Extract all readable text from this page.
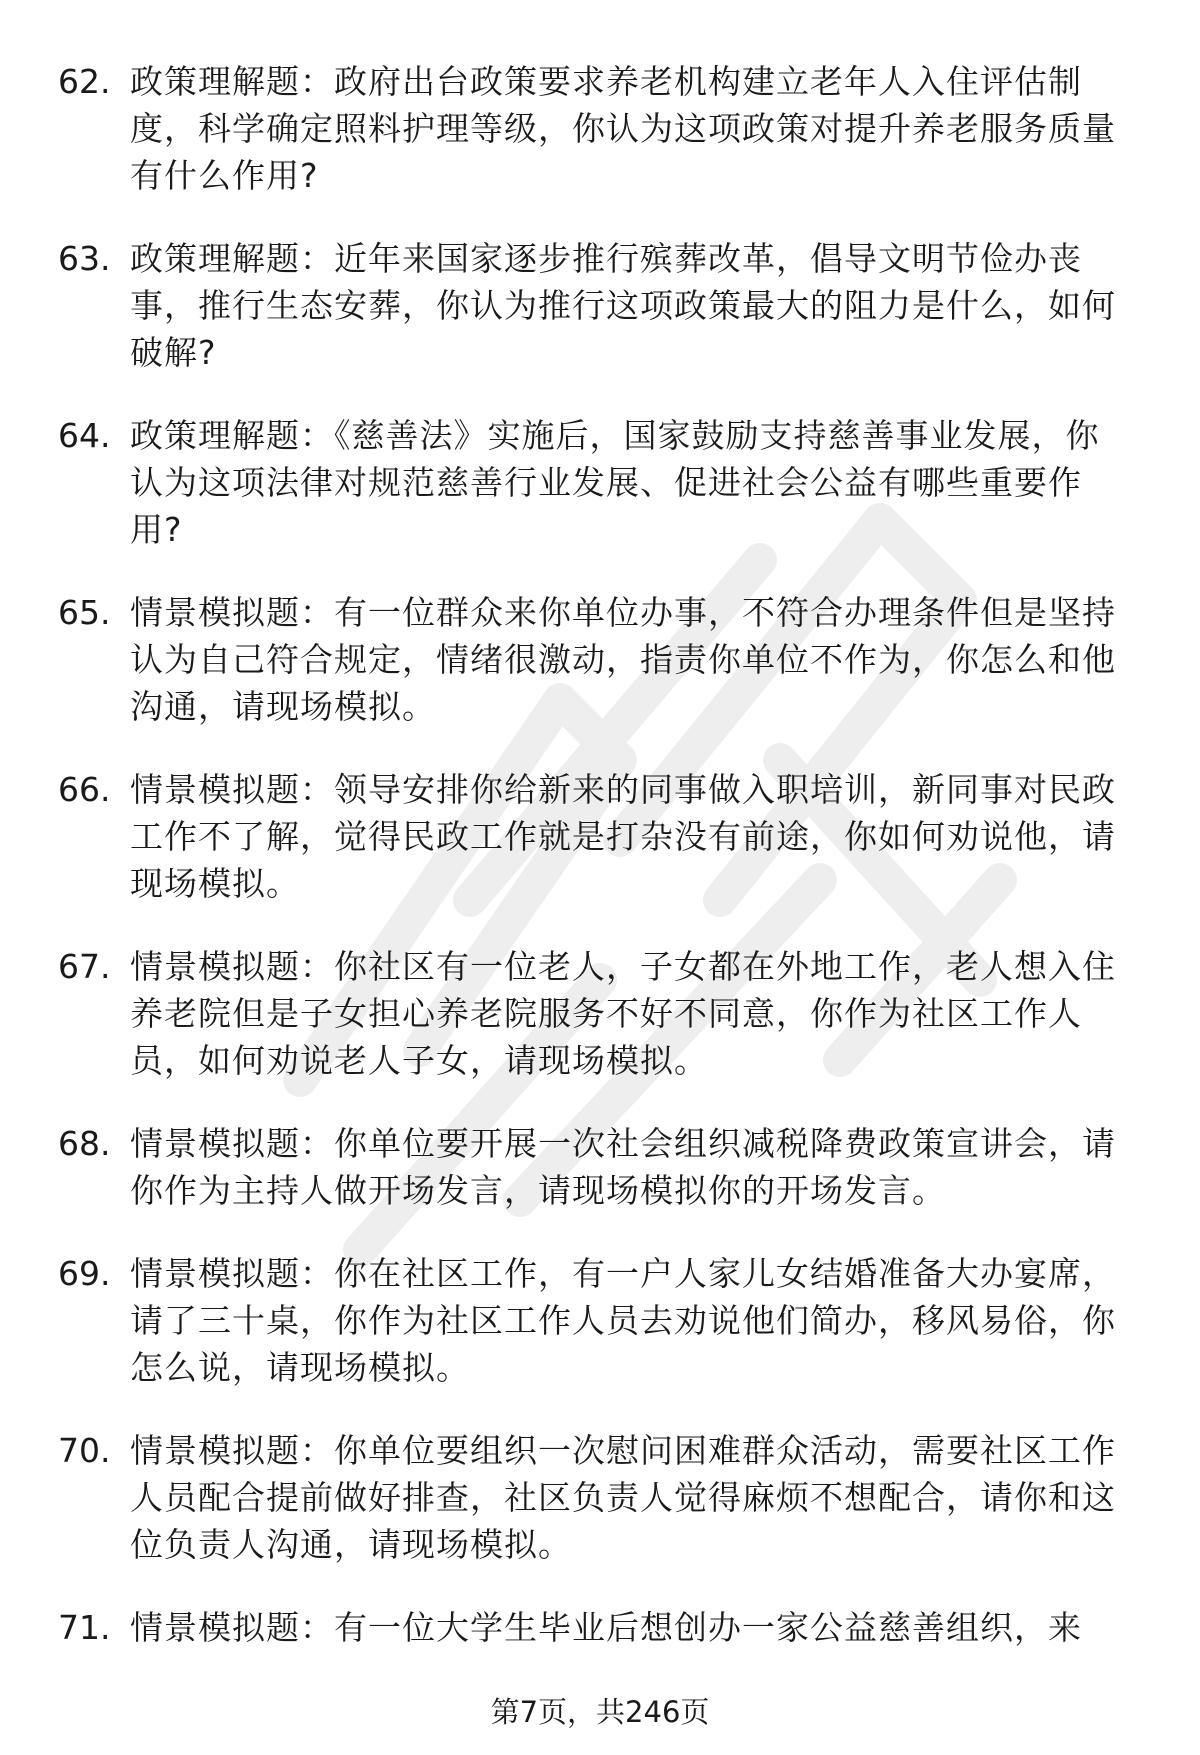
62. 政策理解题：政府出台政策要求养老机构建立老年人入住评估制度，科学确定照料护理等级，你认为这项政策对提升养老服务质量有什么作用?
63. 政策理解题：近年来国家逐步推行殡葬改革，倡导文明节俭办丧事，推行生态安葬，你认为推行这项政策最大的阻力是什么，如何破解?
64. 政策理解题：《慈善法》实施后，国家鼓励支持慈善事业发展，你认为这项法律对规范慈善行业发展、促进社会公益有哪些重要作用?
65. 情景模拟题：有一位群众来你单位办事，不符合办理条件但是坚持认为自己符合规定，情绪很激动，指责你单位不作为，你怎么和他沟通，请现场模拟。
66. 情景模拟题：领导安排你给新来的同事做入职培训，新同事对民政工作不了解，觉得民政工作就是打杂没有前途，你如何劝说他，请现场模拟。
67. 情景模拟题：你社区有一位老人，子女都在外地工作，老人想入住养老院但是子女担心养老院服务不好不同意，你作为社区工作人员，如何劝说老人子女，请现场模拟。
68. 情景模拟题：你单位要开展一次社会组织减税降费政策宣讲会，请你作为主持人做开场发言，请现场模拟你的开场发言。
69. 情景模拟题：你在社区工作，有一户人家儿女结婚准备大办宴席，请了三十桌，你作为社区工作人员去劝说他们简办，移风易俗，你怎么说，请现场模拟。
70. 情景模拟题：你单位要组织一次慰问困难群众活动，需要社区工作人员配合提前做好排查，社区负责人觉得麻烦不想配合，请你和这位负责人沟通，请现场模拟。
71. 情景模拟题：有一位大学生毕业后想创办一家公益慈善组织，来
第7页，共246页
